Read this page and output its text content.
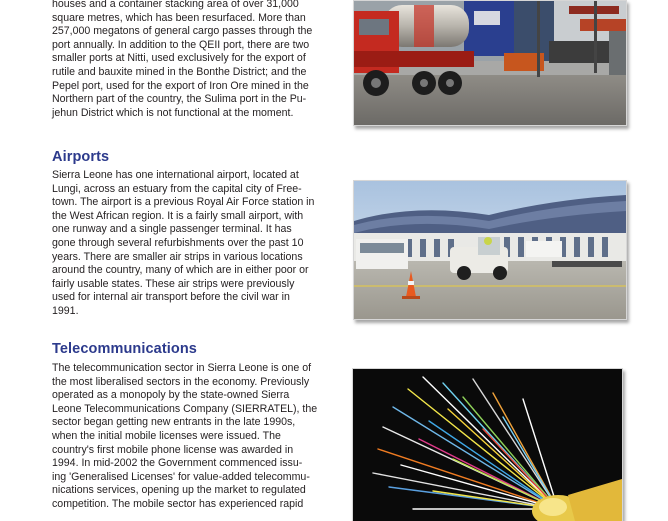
houses and a container stacking area of over 31,000

square metres, which has been resurfaced. More than

257,000 megatons of general cargo passes through the

port annually. In addition to the QEII port, there are two

smaller ports at Nitti, used exclusively for the export of

rutile and bauxite mined in the Bonthe District; and the

Pepel port, used for the export of Iron Ore mined in the

Northern part of the country, the Sulima port in the Pu-

jehun District which is not functional at the moment.

Airports

Sierra Leone has one international airport, located at

Lungi, across an estuary from the capital city of Free-

town. The airport is a previous Royal Air Force station in

the West African region. It is a fairly small airport, with

one runway and a single passenger terminal. It has

gone through several refurbishments over the past 10

years. There are smaller air strips in various locations

around the country, many of which are in either poor or

fairly usable states. These air strips were previously

used for internal air transport before the civil war in

1991.

Telecommunications

The telecommunication sector in Sierra Leone is one of

the most liberalised sectors in the economy. Previously

operated as a monopoly by the state-owned Sierra

Leone Telecommunications Company (SIERRATEL), the

sector began getting new entrants in the late 1990s,

when the initial mobile licenses were issued. The

country's first mobile phone license was awarded in

1994. In mid-2002 the Government commenced issu-

ing 'Generalised Licenses' for value-added telecommu-

nications services, opening up the market to regulated

competition. The mobile sector has experienced rapid
